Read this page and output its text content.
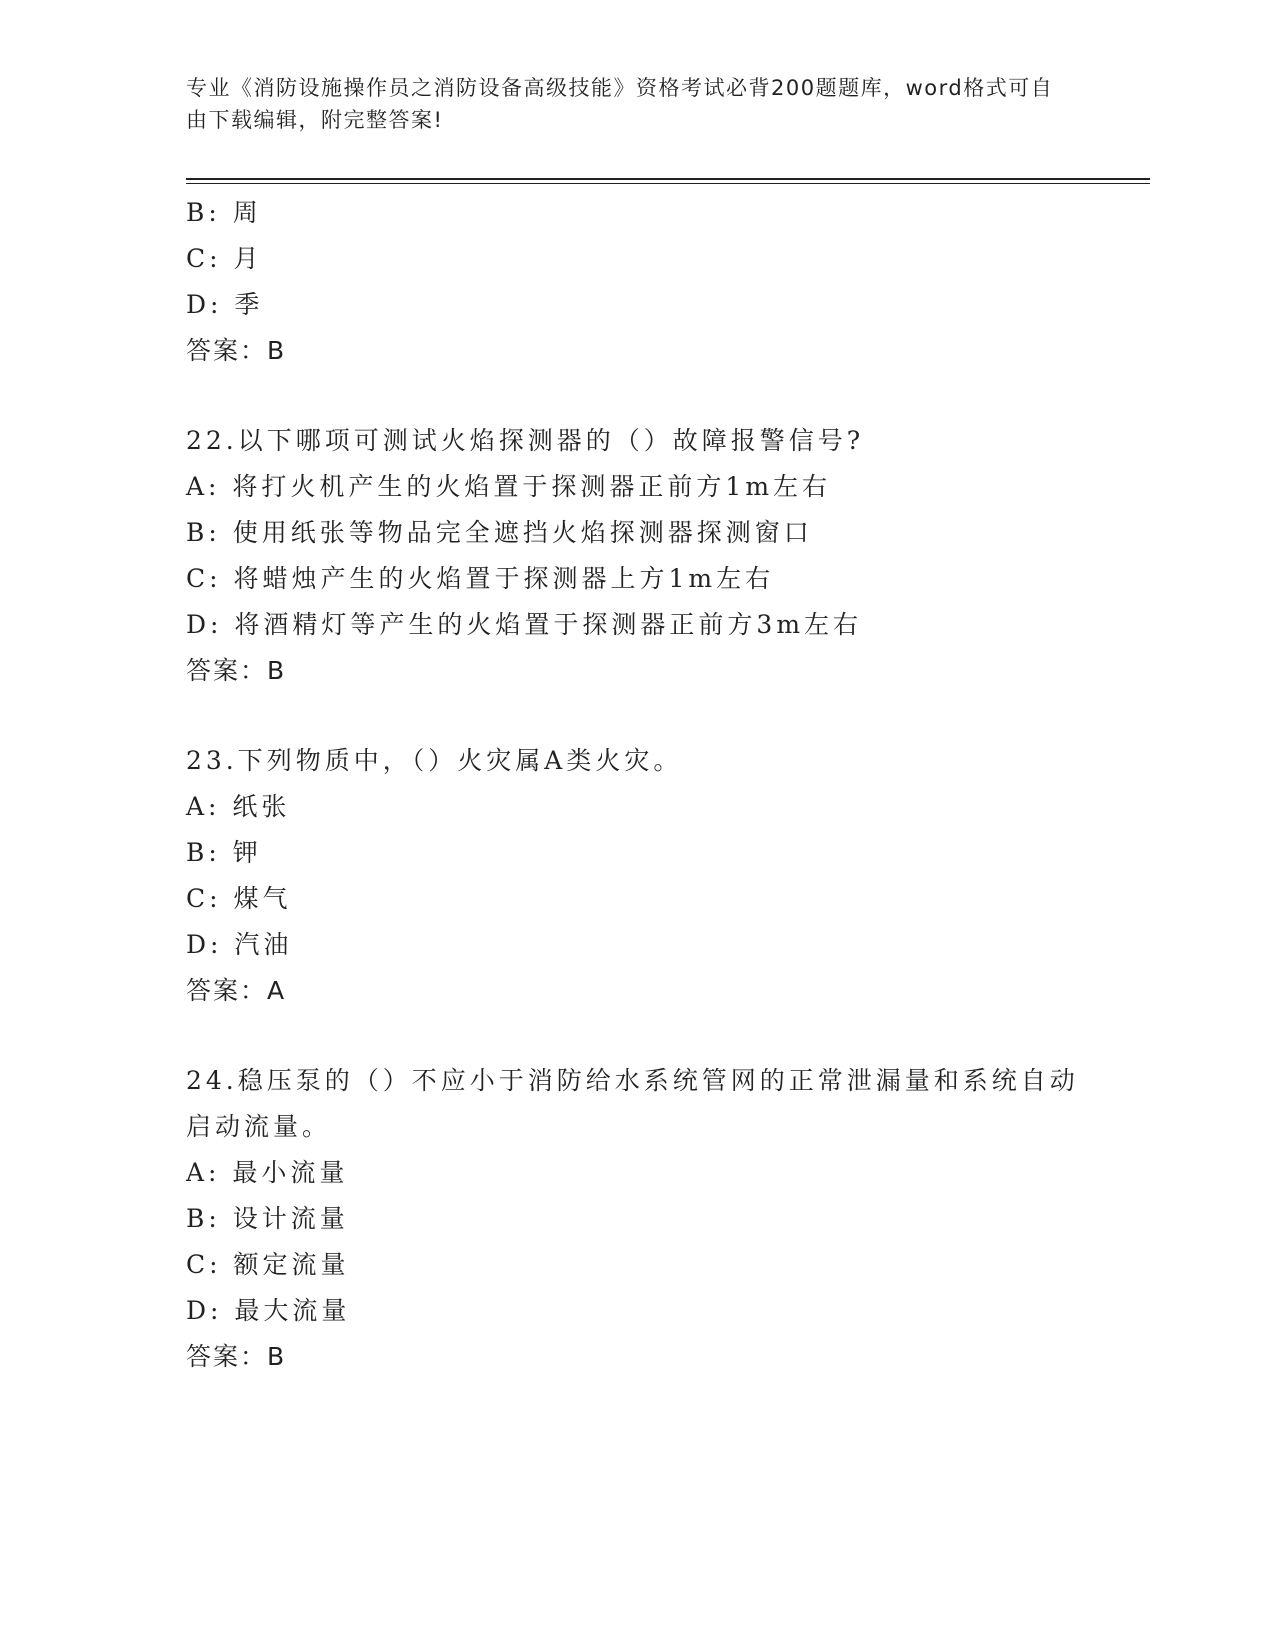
专业《消防设施操作员之消防设备高级技能》资格考试必背200题题库，word格式可自由下载编辑，附完整答案!
B: 周
C: 月
D: 季
答案：B
22.以下哪项可测试火焰探测器的（）故障报警信号?
A: 将打火机产生的火焰置于探测器正前方1m左右
B: 使用纸张等物品完全遮挡火焰探测器探测窗口
C: 将蜡烛产生的火焰置于探测器上方1m左右
D: 将酒精灯等产生的火焰置于探测器正前方3m左右
答案：B
23.下列物质中，（）火灾属A类火灾。
A: 纸张
B: 钾
C: 煤气
D: 汽油
答案：A
24.稳压泵的（）不应小于消防给水系统管网的正常泄漏量和系统自动启动流量。
A: 最小流量
B: 设计流量
C: 额定流量
D: 最大流量
答案：B
